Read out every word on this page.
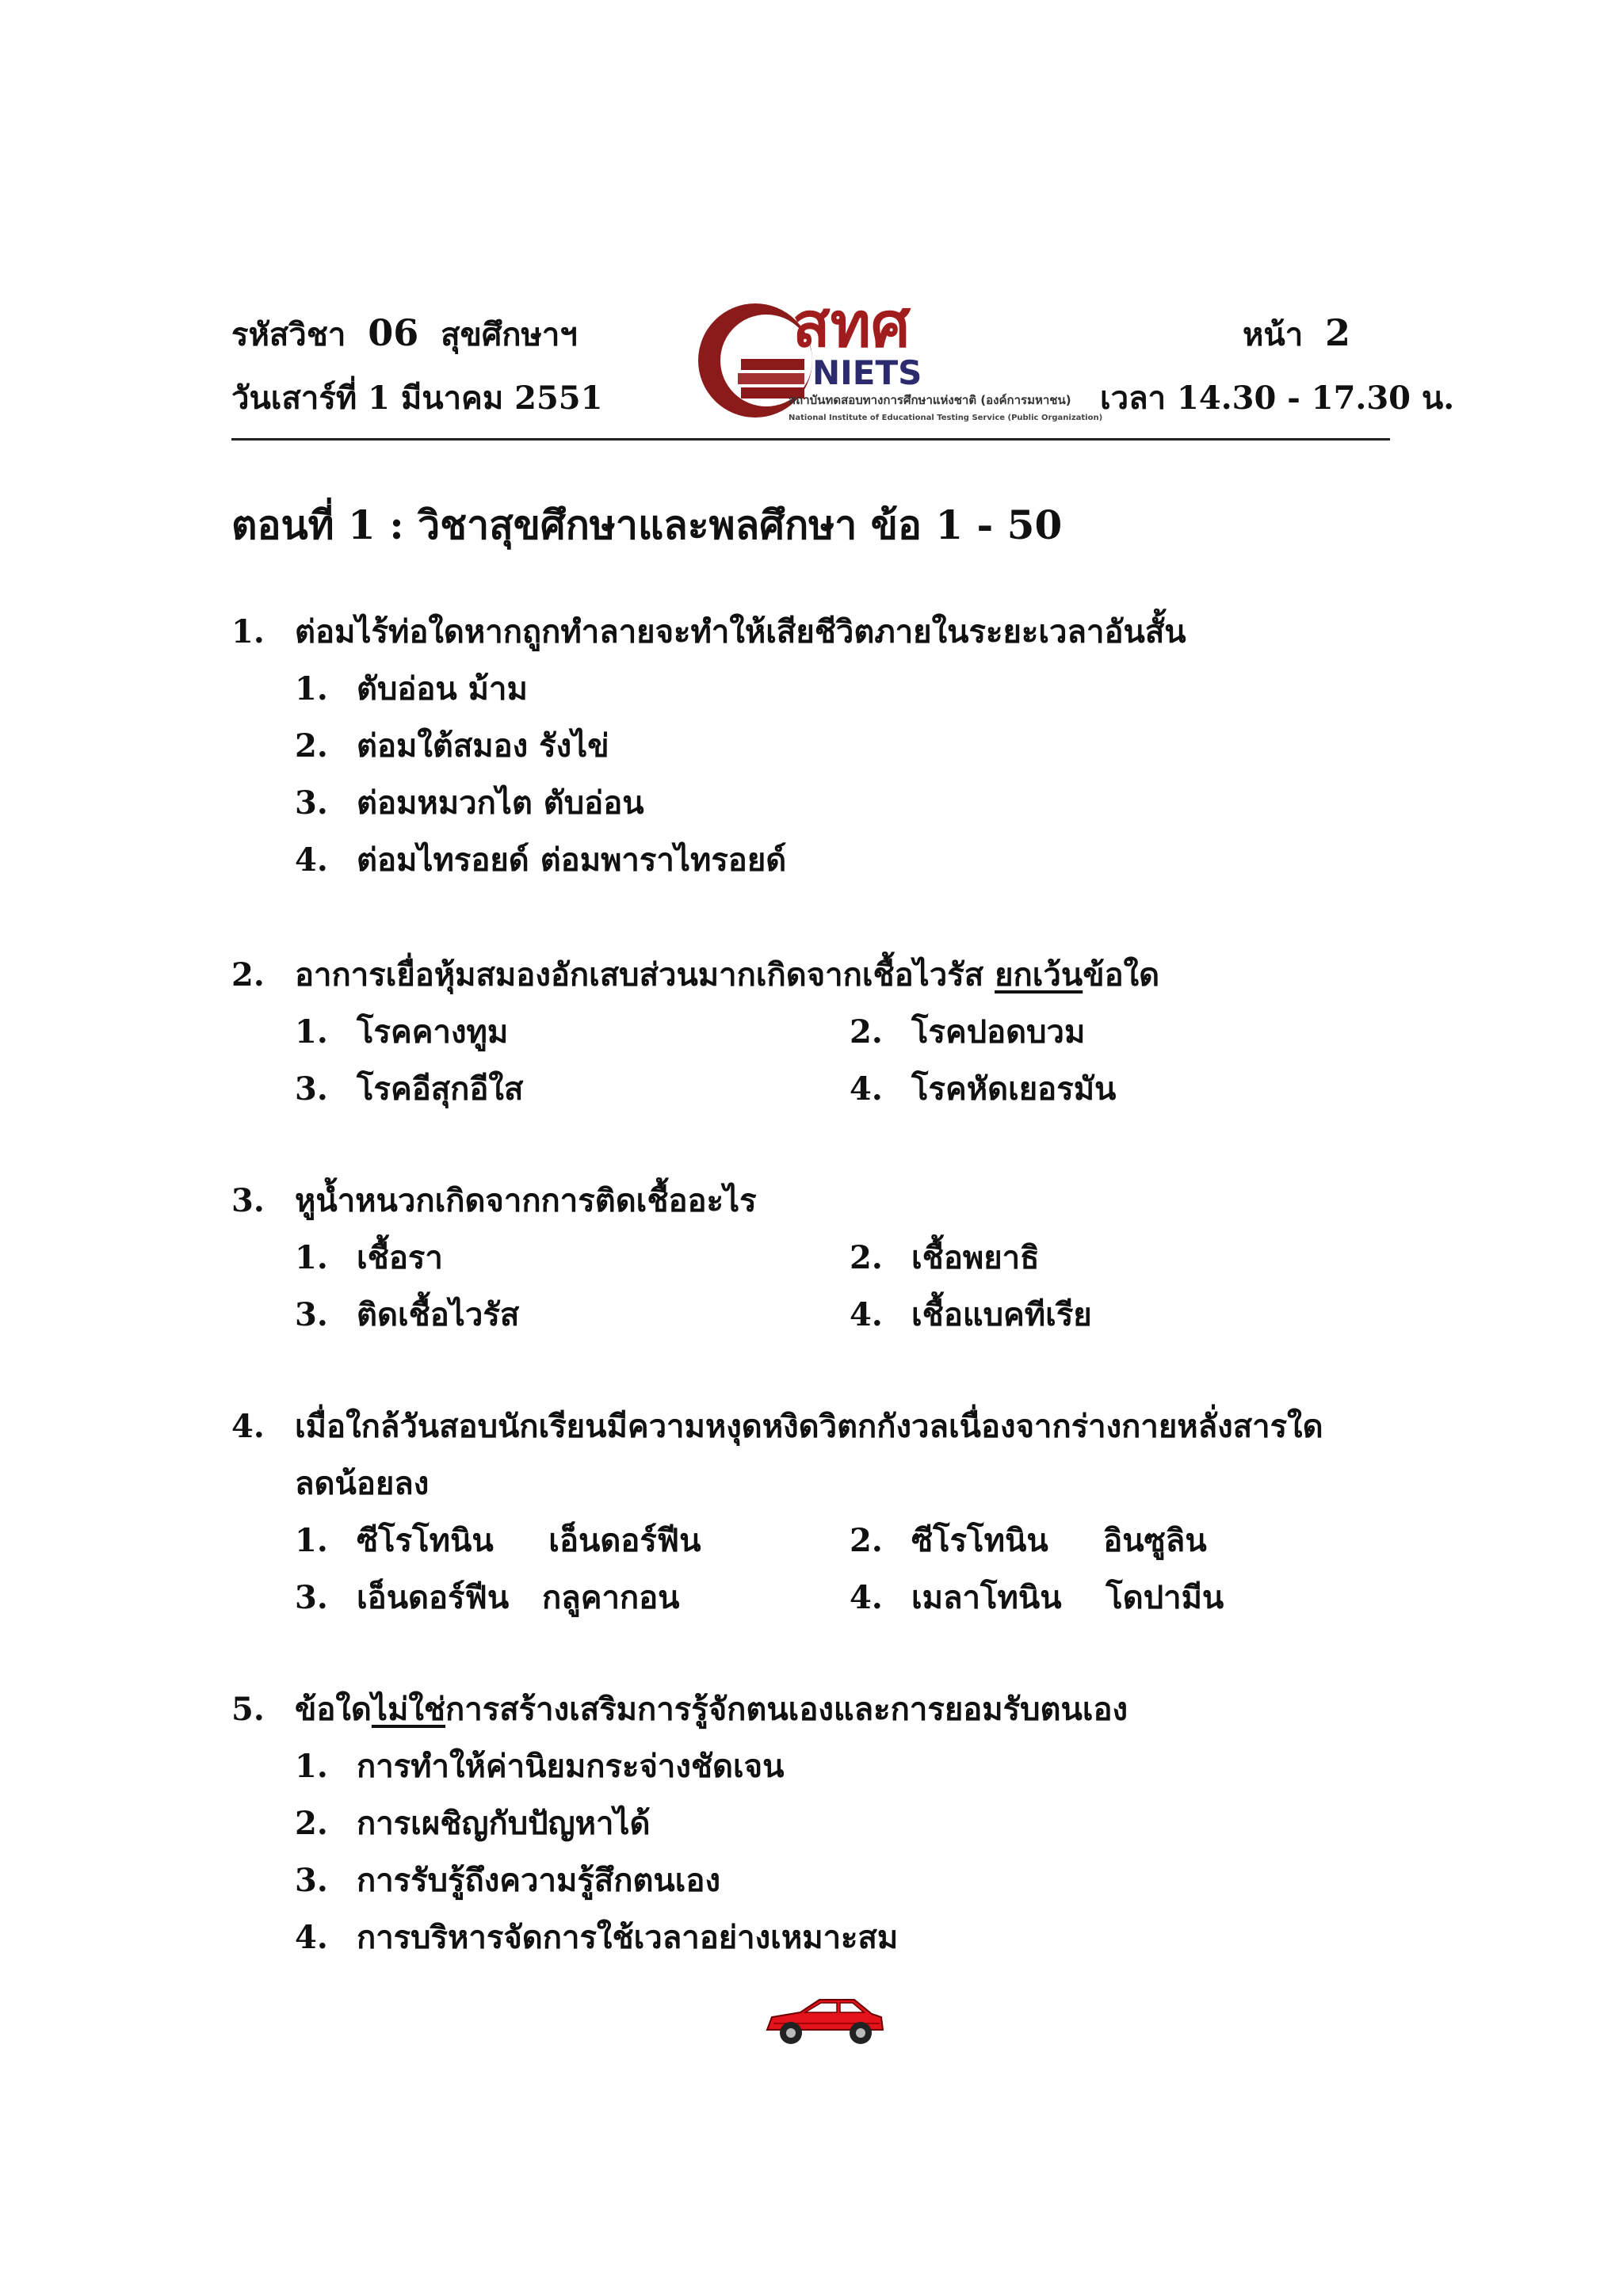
รหัสวิชา 06 สุขศึกษาฯ
วันเสาร์ที่ 1 มีนาคม 2551
หน้า 2
เวลา 14.30 - 17.30 น.
สทศ
NIETS
สถาบันทดสอบทางการศึกษาแห่งชาติ (องค์การมหาชน)
National Institute of Educational Testing Service (Public Organization)
ตอนที่ 1 : วิชาสุขศึกษาและพลศึกษา ข้อ 1 - 50
1. ต่อมไร้ท่อใดหากถูกทำลายจะทำให้เสียชีวิตภายในระยะเวลาอันสั้น
1. ตับอ่อน ม้าม
2. ต่อมใต้สมอง รังไข่
3. ต่อมหมวกไต ตับอ่อน
4. ต่อมไทรอยด์ ต่อมพาราไทรอยด์
2. อาการเยื่อหุ้มสมองอักเสบส่วนมากเกิดจากเชื้อไวรัส ยกเว้นข้อใด
1. โรคคางทูม	2. โรคปอดบวม
3. โรคอีสุกอีใส	4. โรคหัดเยอรมัน
3. หูน้ำหนวกเกิดจากการติดเชื้ออะไร
1. เชื้อรา	2. เชื้อพยาธิ
3. ติดเชื้อไวรัส	4. เชื้อแบคทีเรีย
4. เมื่อใกล้วันสอบนักเรียนมีความหงุดหงิดวิตกกังวลเนื่องจากร่างกายหลั่งสารใด
ลดน้อยลง
1. ซีโรโทนิน     เอ็นดอร์ฟีน	2. ซีโรโทนิน     อินซูลิน
3. เอ็นดอร์ฟีน   กลูคากอน	4. เมลาโทนิน    โดปามีน
5. ข้อใดไม่ใช่การสร้างเสริมการรู้จักตนเองและการยอมรับตนเอง
1. การทำให้ค่านิยมกระจ่างชัดเจน
2. การเผชิญกับปัญหาได้
3. การรับรู้ถึงความรู้สึกตนเอง
4. การบริหารจัดการใช้เวลาอย่างเหมาะสม
